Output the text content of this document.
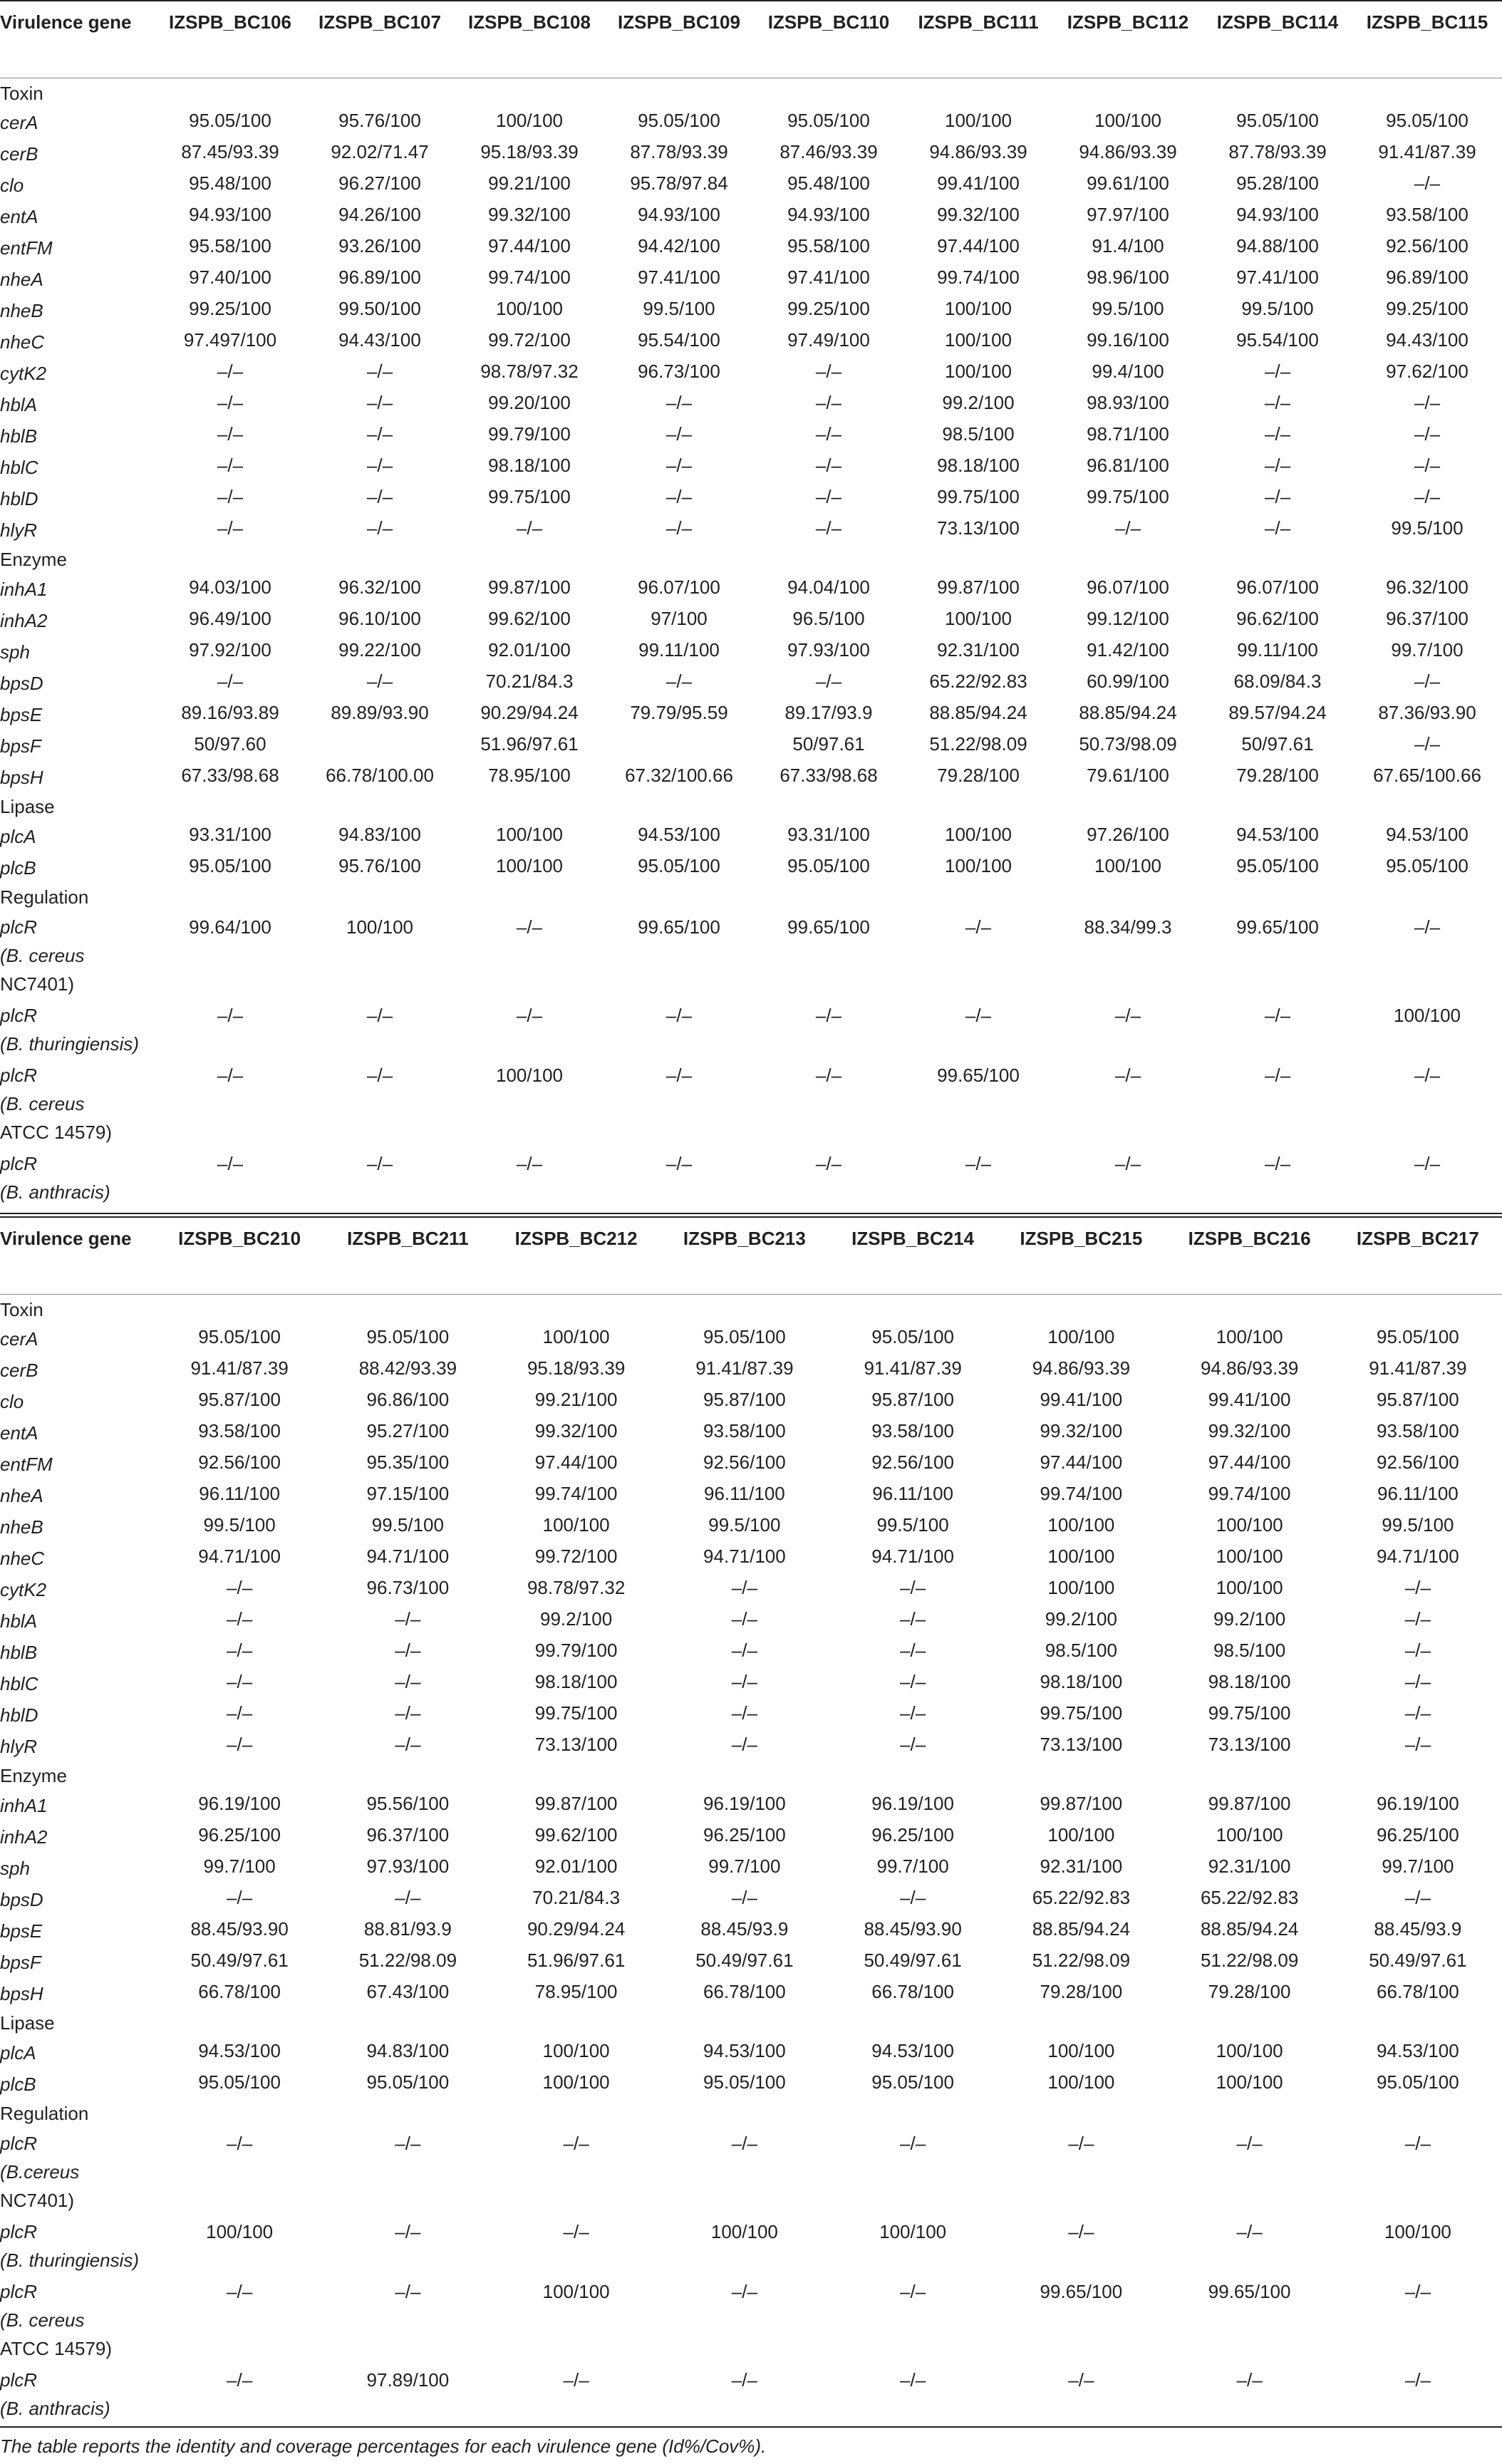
Virulence gene	IZSPB_BC106	IZSPB_BC107	IZSPB_BC108	IZSPB_BC109	IZSPB_BC110	IZSPB_BC111	IZSPB_BC112	IZSPB_BC114	IZSPB_BC115
Toxin									
cerA	95.05/100	95.76/100	100/100	95.05/100	95.05/100	100/100	100/100	95.05/100	95.05/100
cerB	87.45/93.39	92.02/71.47	95.18/93.39	87.78/93.39	87.46/93.39	94.86/93.39	94.86/93.39	87.78/93.39	91.41/87.39
clo	95.48/100	96.27/100	99.21/100	95.78/97.84	95.48/100	99.41/100	99.61/100	95.28/100	–/–
entA	94.93/100	94.26/100	99.32/100	94.93/100	94.93/100	99.32/100	97.97/100	94.93/100	93.58/100
entFM	95.58/100	93.26/100	97.44/100	94.42/100	95.58/100	97.44/100	91.4/100	94.88/100	92.56/100
nheA	97.40/100	96.89/100	99.74/100	97.41/100	97.41/100	99.74/100	98.96/100	97.41/100	96.89/100
nheB	99.25/100	99.50/100	100/100	99.5/100	99.25/100	100/100	99.5/100	99.5/100	99.25/100
nheC	97.497/100	94.43/100	99.72/100	95.54/100	97.49/100	100/100	99.16/100	95.54/100	94.43/100
cytK2	–/–	–/–	98.78/97.32	96.73/100	–/–	100/100	99.4/100	–/–	97.62/100
hblA	–/–	–/–	99.20/100	–/–	–/–	99.2/100	98.93/100	–/–	–/–
hblB	–/–	–/–	99.79/100	–/–	–/–	98.5/100	98.71/100	–/–	–/–
hblC	–/–	–/–	98.18/100	–/–	–/–	98.18/100	96.81/100	–/–	–/–
hblD	–/–	–/–	99.75/100	–/–	–/–	99.75/100	99.75/100	–/–	–/–
hlyR	–/–	–/–	–/–	–/–	–/–	73.13/100	–/–	–/–	99.5/100
Enzyme									
inhA1	94.03/100	96.32/100	99.87/100	96.07/100	94.04/100	99.87/100	96.07/100	96.07/100	96.32/100
inhA2	96.49/100	96.10/100	99.62/100	97/100	96.5/100	100/100	99.12/100	96.62/100	96.37/100
sph	97.92/100	99.22/100	92.01/100	99.11/100	97.93/100	92.31/100	91.42/100	99.11/100	99.7/100
bpsD	–/–	–/–	70.21/84.3	–/–	–/–	65.22/92.83	60.99/100	68.09/84.3	–/–
bpsE	89.16/93.89	89.89/93.90	90.29/94.24	79.79/95.59	89.17/93.9	88.85/94.24	88.85/94.24	89.57/94.24	87.36/93.90
bpsF	50/97.60		51.96/97.61		50/97.61	51.22/98.09	50.73/98.09	50/97.61	–/–
bpsH	67.33/98.68	66.78/100.00	78.95/100	67.32/100.66	67.33/98.68	79.28/100	79.61/100	79.28/100	67.65/100.66
Lipase									
plcA	93.31/100	94.83/100	100/100	94.53/100	93.31/100	100/100	97.26/100	94.53/100	94.53/100
plcB	95.05/100	95.76/100	100/100	95.05/100	95.05/100	100/100	100/100	95.05/100	95.05/100
Regulation									
plcR
(B. cereus
NC7401)	99.64/100	100/100	–/–	99.65/100	99.65/100	–/–	88.34/99.3	99.65/100	–/–
plcR
(B. thuringiensis)	–/–	–/–	–/–	–/–	–/–	–/–	–/–	–/–	100/100
plcR
(B. cereus
ATCC 14579)	–/–	–/–	100/100	–/–	–/–	99.65/100	–/–	–/–	–/–
plcR
(B. anthracis)	–/–	–/–	–/–	–/–	–/–	–/–	–/–	–/–	–/–
Virulence gene	IZSPB_BC210	IZSPB_BC211	IZSPB_BC212	IZSPB_BC213	IZSPB_BC214	IZSPB_BC215	IZSPB_BC216	IZSPB_BC217
Toxin								
cerA	95.05/100	95.05/100	100/100	95.05/100	95.05/100	100/100	100/100	95.05/100
cerB	91.41/87.39	88.42/93.39	95.18/93.39	91.41/87.39	91.41/87.39	94.86/93.39	94.86/93.39	91.41/87.39
clo	95.87/100	96.86/100	99.21/100	95.87/100	95.87/100	99.41/100	99.41/100	95.87/100
entA	93.58/100	95.27/100	99.32/100	93.58/100	93.58/100	99.32/100	99.32/100	93.58/100
entFM	92.56/100	95.35/100	97.44/100	92.56/100	92.56/100	97.44/100	97.44/100	92.56/100
nheA	96.11/100	97.15/100	99.74/100	96.11/100	96.11/100	99.74/100	99.74/100	96.11/100
nheB	99.5/100	99.5/100	100/100	99.5/100	99.5/100	100/100	100/100	99.5/100
nheC	94.71/100	94.71/100	99.72/100	94.71/100	94.71/100	100/100	100/100	94.71/100
cytK2	–/–	96.73/100	98.78/97.32	–/–	–/–	100/100	100/100	–/–
hblA	–/–	–/–	99.2/100	–/–	–/–	99.2/100	99.2/100	–/–
hblB	–/–	–/–	99.79/100	–/–	–/–	98.5/100	98.5/100	–/–
hblC	–/–	–/–	98.18/100	–/–	–/–	98.18/100	98.18/100	–/–
hblD	–/–	–/–	99.75/100	–/–	–/–	99.75/100	99.75/100	–/–
hlyR	–/–	–/–	73.13/100	–/–	–/–	73.13/100	73.13/100	–/–
Enzyme								
inhA1	96.19/100	95.56/100	99.87/100	96.19/100	96.19/100	99.87/100	99.87/100	96.19/100
inhA2	96.25/100	96.37/100	99.62/100	96.25/100	96.25/100	100/100	100/100	96.25/100
sph	99.7/100	97.93/100	92.01/100	99.7/100	99.7/100	92.31/100	92.31/100	99.7/100
bpsD	–/–	–/–	70.21/84.3	–/–	–/–	65.22/92.83	65.22/92.83	–/–
bpsE	88.45/93.90	88.81/93.9	90.29/94.24	88.45/93.9	88.45/93.90	88.85/94.24	88.85/94.24	88.45/93.9
bpsF	50.49/97.61	51.22/98.09	51.96/97.61	50.49/97.61	50.49/97.61	51.22/98.09	51.22/98.09	50.49/97.61
bpsH	66.78/100	67.43/100	78.95/100	66.78/100	66.78/100	79.28/100	79.28/100	66.78/100
Lipase								
plcA	94.53/100	94.83/100	100/100	94.53/100	94.53/100	100/100	100/100	94.53/100
plcB	95.05/100	95.05/100	100/100	95.05/100	95.05/100	100/100	100/100	95.05/100
Regulation								
plcR
(B.cereus
NC7401)	–/–	–/–	–/–	–/–	–/–	–/–	–/–	–/–
plcR
(B. thuringiensis)	100/100	–/–	–/–	100/100	100/100	–/–	–/–	100/100
plcR
(B. cereus
ATCC 14579)	–/–	–/–	100/100	–/–	–/–	99.65/100	99.65/100	–/–
plcR
(B. anthracis)	–/–	97.89/100	–/–	–/–	–/–	–/–	–/–	–/–
The table reports the identity and coverage percentages for each virulence gene (Id%/Cov%).
